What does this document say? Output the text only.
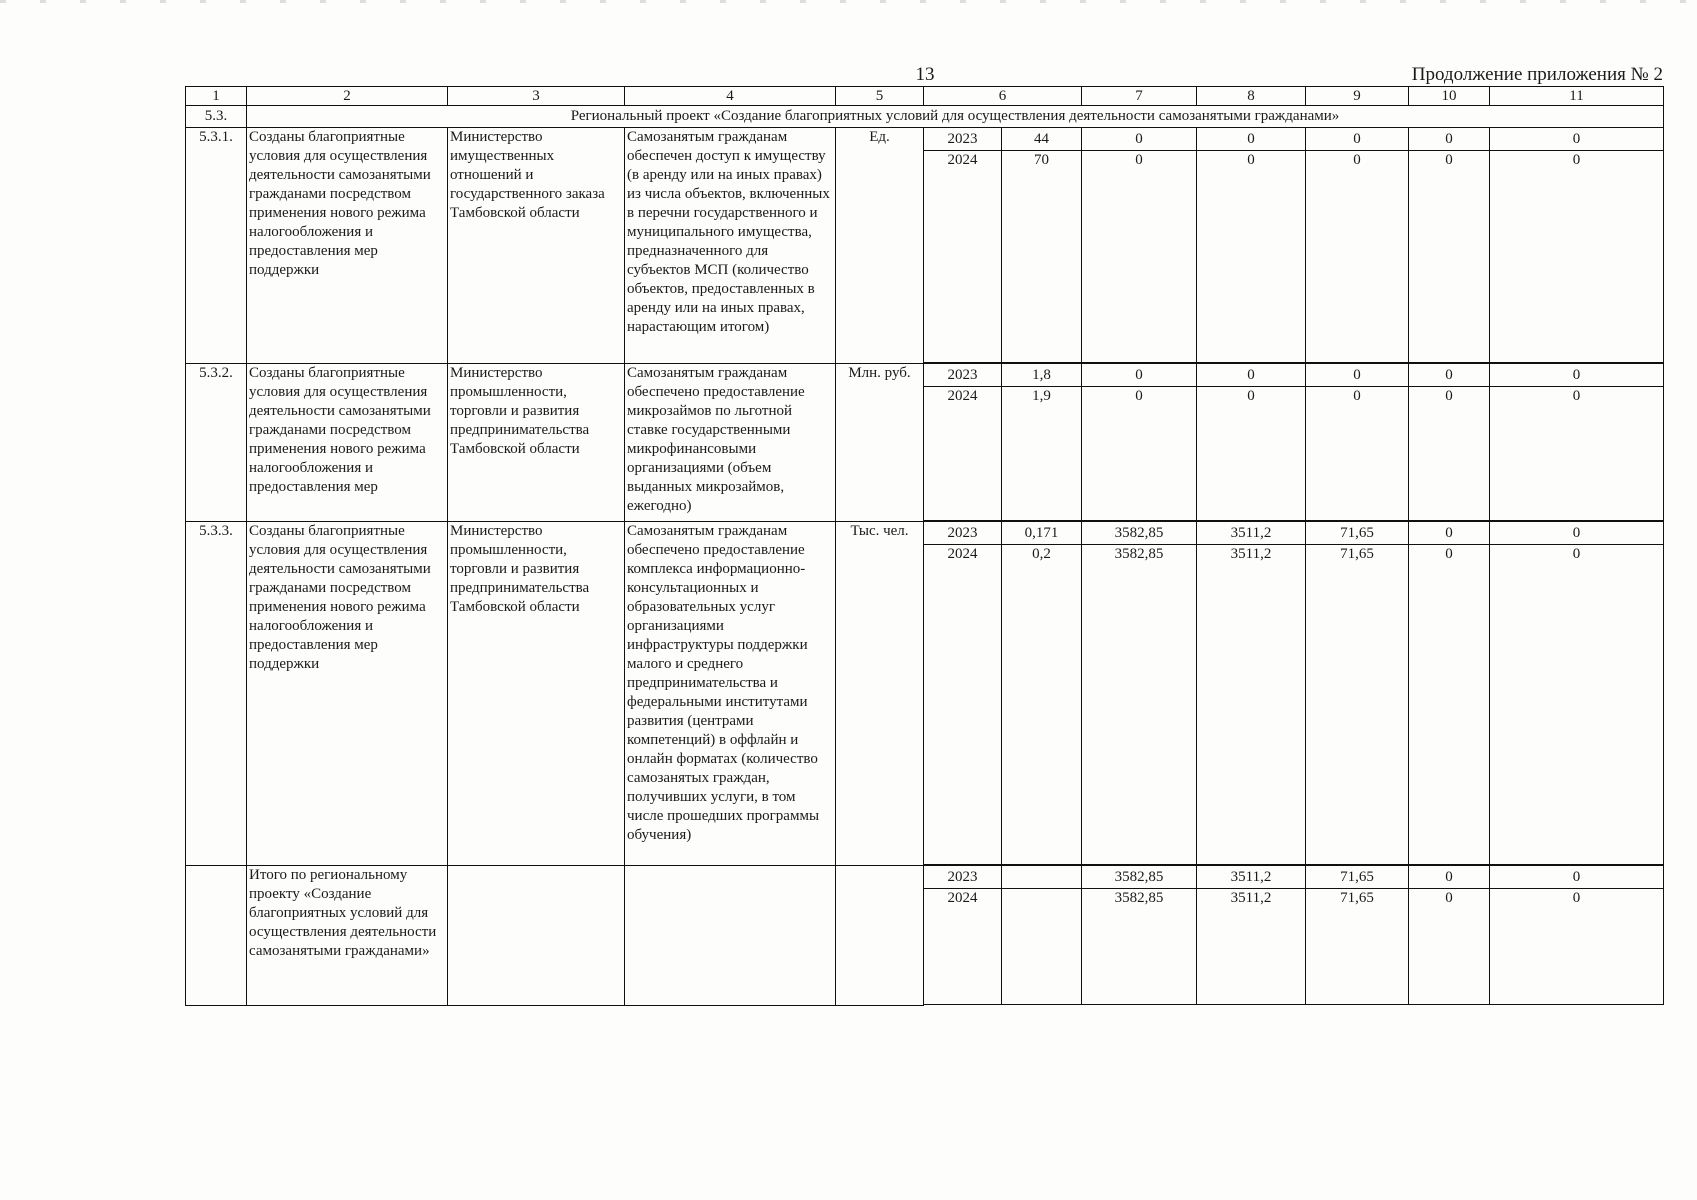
13	Продолжение приложения № 2
1	2	3	4	5	6		7	8	9	10	11
5.3.	Региональный проект «Создание благоприятных условий для осуществления деятельности самозанятыми гражданами»										
5.3.1.	Созданы благоприятные условия для осуществления деятельности самозанятыми гражданами посредством применения нового режима налогообложения и предоставления мер поддержки	Министерство имущественных отношений и государственного заказа Тамбовской области	Самозанятым гражданам обеспечен доступ к имуществу (в аренду или на иных правах) из числа объектов, включенных в перечни государственного и муниципального имущества, предназначенного для субъектов МСП (количество объектов, предоставленных в аренду или на иных правах, нарастающим итогом)	Ед.	2023	44	0	0	0	0	0
					2024	70	0	0	0	0	0

5.3.2.	Созданы благоприятные условия для осуществления деятельности самозанятыми гражданами посредством применения нового режима налогообложения и предоставления мер	Министерство промышленности, торговли и развития предпринимательства Тамбовской области	Самозанятым гражданам обеспечено предоставление микрозаймов по льготной ставке государственными микрофинансовыми организациями (объем выданных микрозаймов, ежегодно)	Млн. руб.	2023	1,8	0	0	0	0	0
					2024	1,9	0	0	0	0	0

5.3.3.	Созданы благоприятные условия для осуществления деятельности самозанятыми гражданами посредством применения нового режима налогообложения и предоставления мер поддержки	Министерство промышленности, торговли и развития предпринимательства Тамбовской области	Самозанятым гражданам обеспечено предоставление комплекса информационно-консультационных и образовательных услуг организациями инфраструктуры поддержки малого и среднего предпринимательства и федеральными институтами развития (центрами компетенций) в оффлайн и онлайн форматах (количество самозанятых граждан, получивших услуги, в том числе прошедших программы обучения)	Тыс. чел.	2023	0,171	3582,85	3511,2	71,65	0	0
					2024	0,2	3582,85	3511,2	71,65	0	0

	Итого по региональному проекту «Создание благоприятных условий для осуществления деятельности самозанятыми гражданами»				2023		3582,85	3511,2	71,65	0	0
					2024		3582,85	3511,2	71,65	0	0
